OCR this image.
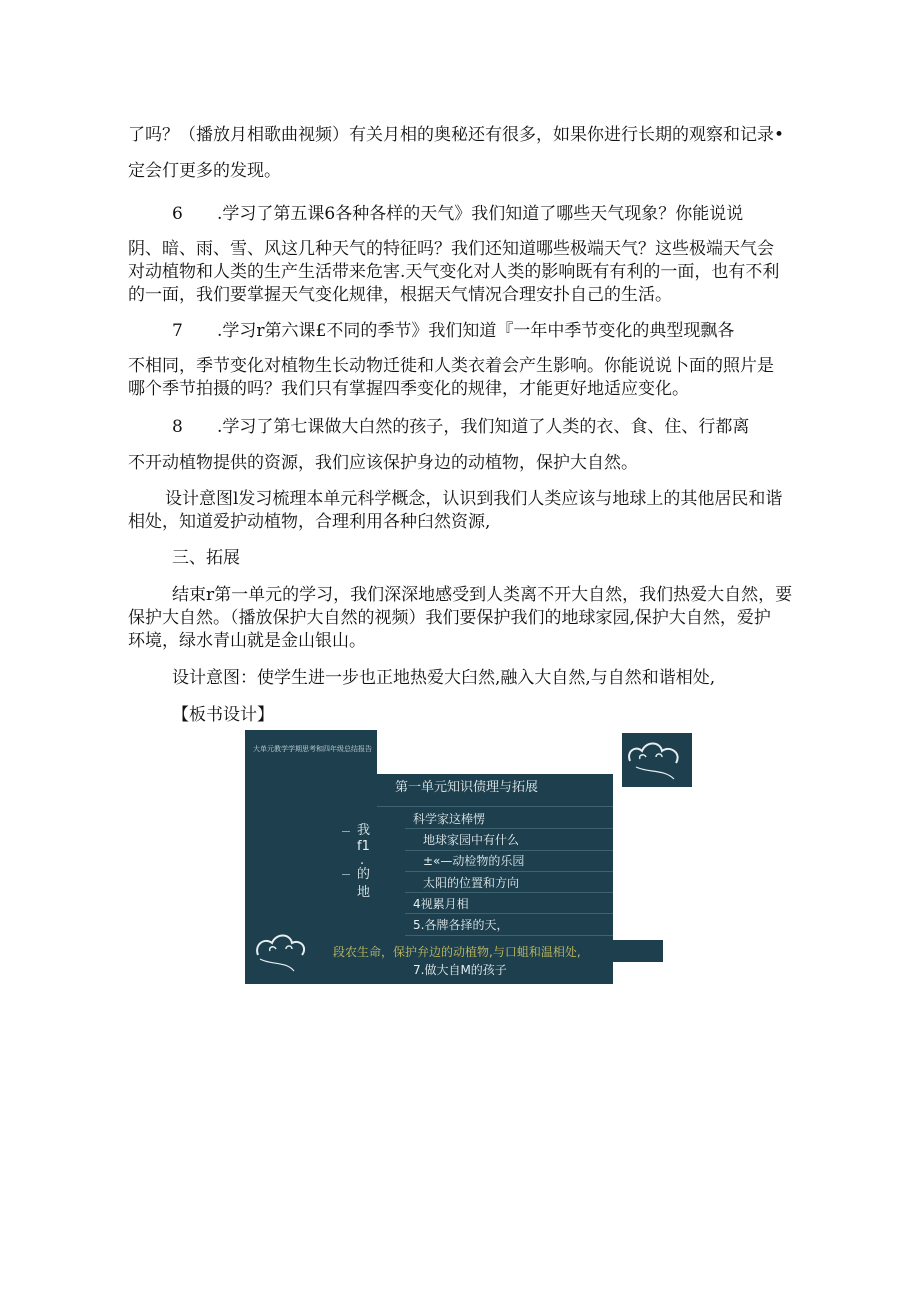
了吗？（播放月相歌曲视频）有关月相的奥秘还有很多，如果你进行长期的观察和记录•
定会仃更多的发现。
6 .学习了第五课6各种各样的天气》我们知道了哪些天气现象？你能说说
阴、暗、雨、雪、风这几种天气的特征吗？我们还知道哪些极端天气？这些极端天气会
对动植物和人类的生产生活带来危害.天气变化对人类的影响既有有利的一面，也有不利
的一面，我们要掌握天气变化规律，根据天气情况合理安扑自己的生活。
7 .学习r第六课£不同的季节》我们知道『一年中季节变化的典型现飘各
不相同，季节变化对植物生长动物迁徙和人类衣着会产生影响。你能说说卜面的照片是
哪个季节拍摄的吗？我们只有掌握四季变化的规律，才能更好地适应变化。
8 .学习了第七课做大白然的孩子，我们知道了人类的衣、食、住、行都离
不开动植物提供的资源，我们应该保护身边的动植物，保护大自然。
设计意图l发习梳理本单元科学概念，认识到我们人类应该与地球上的其他居民和谐
相处，知道爱护动植物，合理利用各种臼然资源,
三、拓展
结束r第一单元的学习，我们深深地感受到人类离不开大自然，我们热爱大自然，要
保护大自然。（播放保护大自然的视频）我们要保护我们的地球家园,保护大自然，爱护
环境，绿水青山就是金山银山。
设计意图：使学生进一步也正地热爱大臼然,融入大自然,与自然和谐相处,
【板书设计】
大单元教学学期思考和四年级总结报告
第一单元知识债理与拓展
我
f1
.
的
地
科学家这棒愣
地球家园中有什么
±«—动检物的乐园
太阳的位置和方向
4视累月相
5.各牌各择的天，
段农生命，保护弁边的动植物,与口蛆和温相处,
7.做大自M的孩子
